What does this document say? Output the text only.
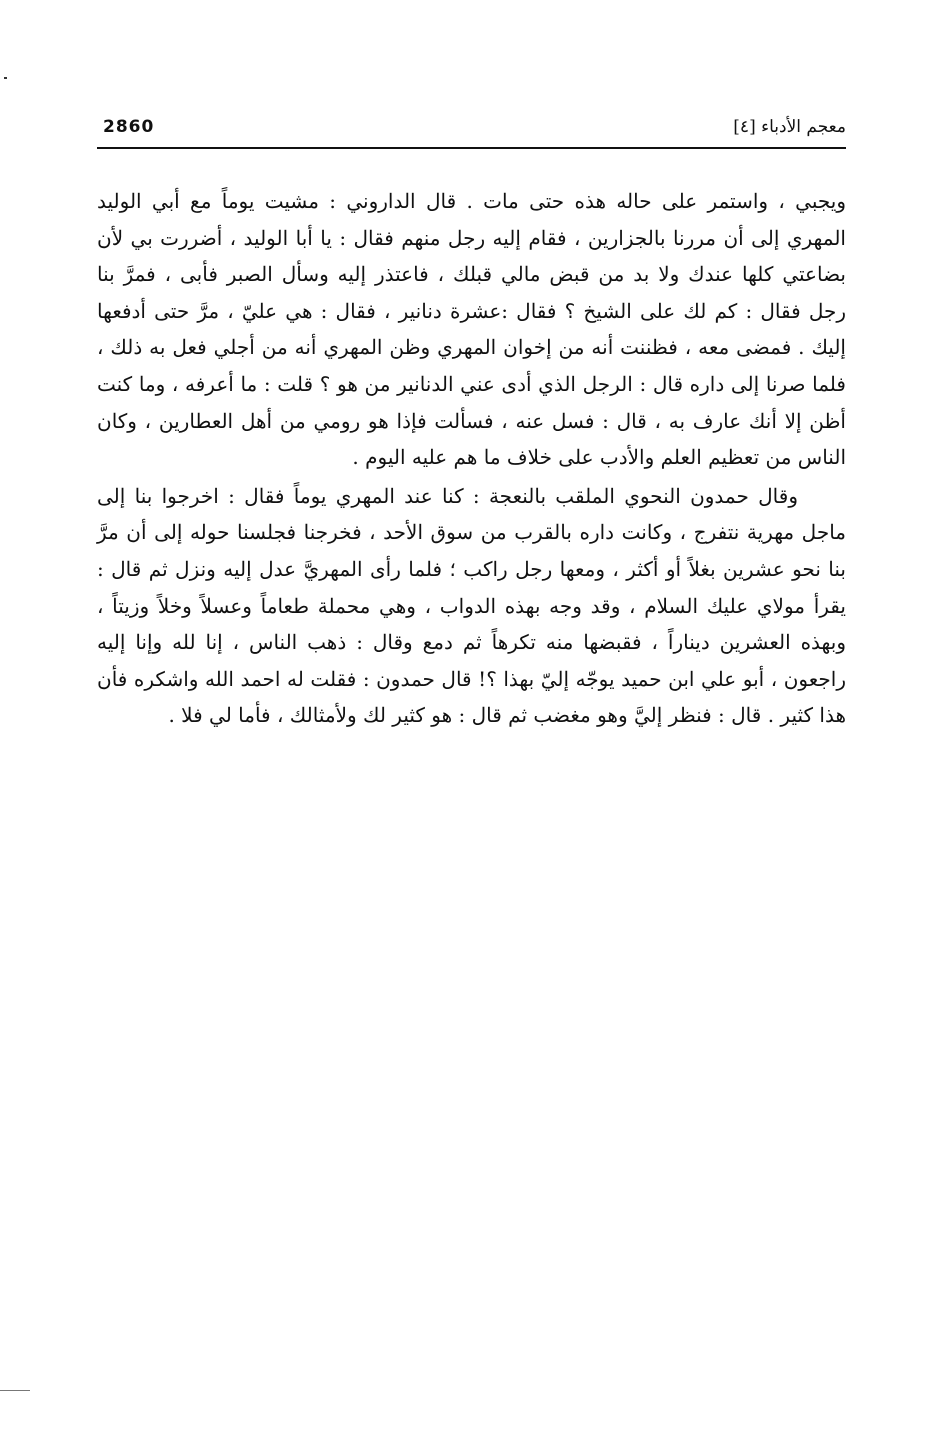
2860	معجم الأدباء [٤]

ويجبي ، واستمر على حاله هذه حتى مات . قال الداروني : مشيت يوماً مع أبي الوليد المهري إلى أن مررنا بالجزارين ، فقام إليه رجل منهم فقال : يا أبا الوليد ، أضررت بي لأن بضاعتي كلها عندك ولا بد من قبض مالي قبلك ، فاعتذر إليه وسأل الصبر فأبى ، فمرَّ بنا رجل فقال : كم لك على الشيخ ؟ فقال :عشرة دنانير ، فقال : هي عليّ ، مرَّ حتى أدفعها إليك . فمضى معه ، فظننت أنه من إخوان المهري وظن المهري أنه من أجلي فعل به ذلك ، فلما صرنا إلى داره قال : الرجل الذي أدى عني الدنانير من هو ؟ قلت : ما أعرفه ، وما كنت أظن إلا أنك عارف به ، قال : فسل عنه ، فسألت فإذا هو رومي من أهل العطارين ، وكان الناس من تعظيم العلم والأدب على خلاف ما هم عليه اليوم .

وقال حمدون النحوي الملقب بالنعجة : كنا عند المهري يوماً فقال : اخرجوا بنا إلى ماجل مهرية نتفرج ، وكانت داره بالقرب من سوق الأحد ، فخرجنا فجلسنا حوله إلى أن مرَّ بنا نحو عشرين بغلاً أو أكثر ، ومعها رجل راكب ؛ فلما رأى المهريَّ عدل إليه ونزل ثم قال : يقرأ مولاي عليك السلام ، وقد وجه بهذه الدواب ، وهي محملة طعاماً وعسلاً وخلاً وزيتاً ، وبهذه العشرين ديناراً ، فقبضها منه تكرهاً ثم دمع وقال : ذهب الناس ، إنا لله وإنا إليه راجعون ، أبو علي ابن حميد يوجّه إليّ بهذا ؟! قال حمدون : فقلت له احمد الله واشكره فأن هذا كثير . قال : فنظر إليَّ وهو مغضب ثم قال : هو كثير لك ولأمثالك ، فأما لي فلا .
